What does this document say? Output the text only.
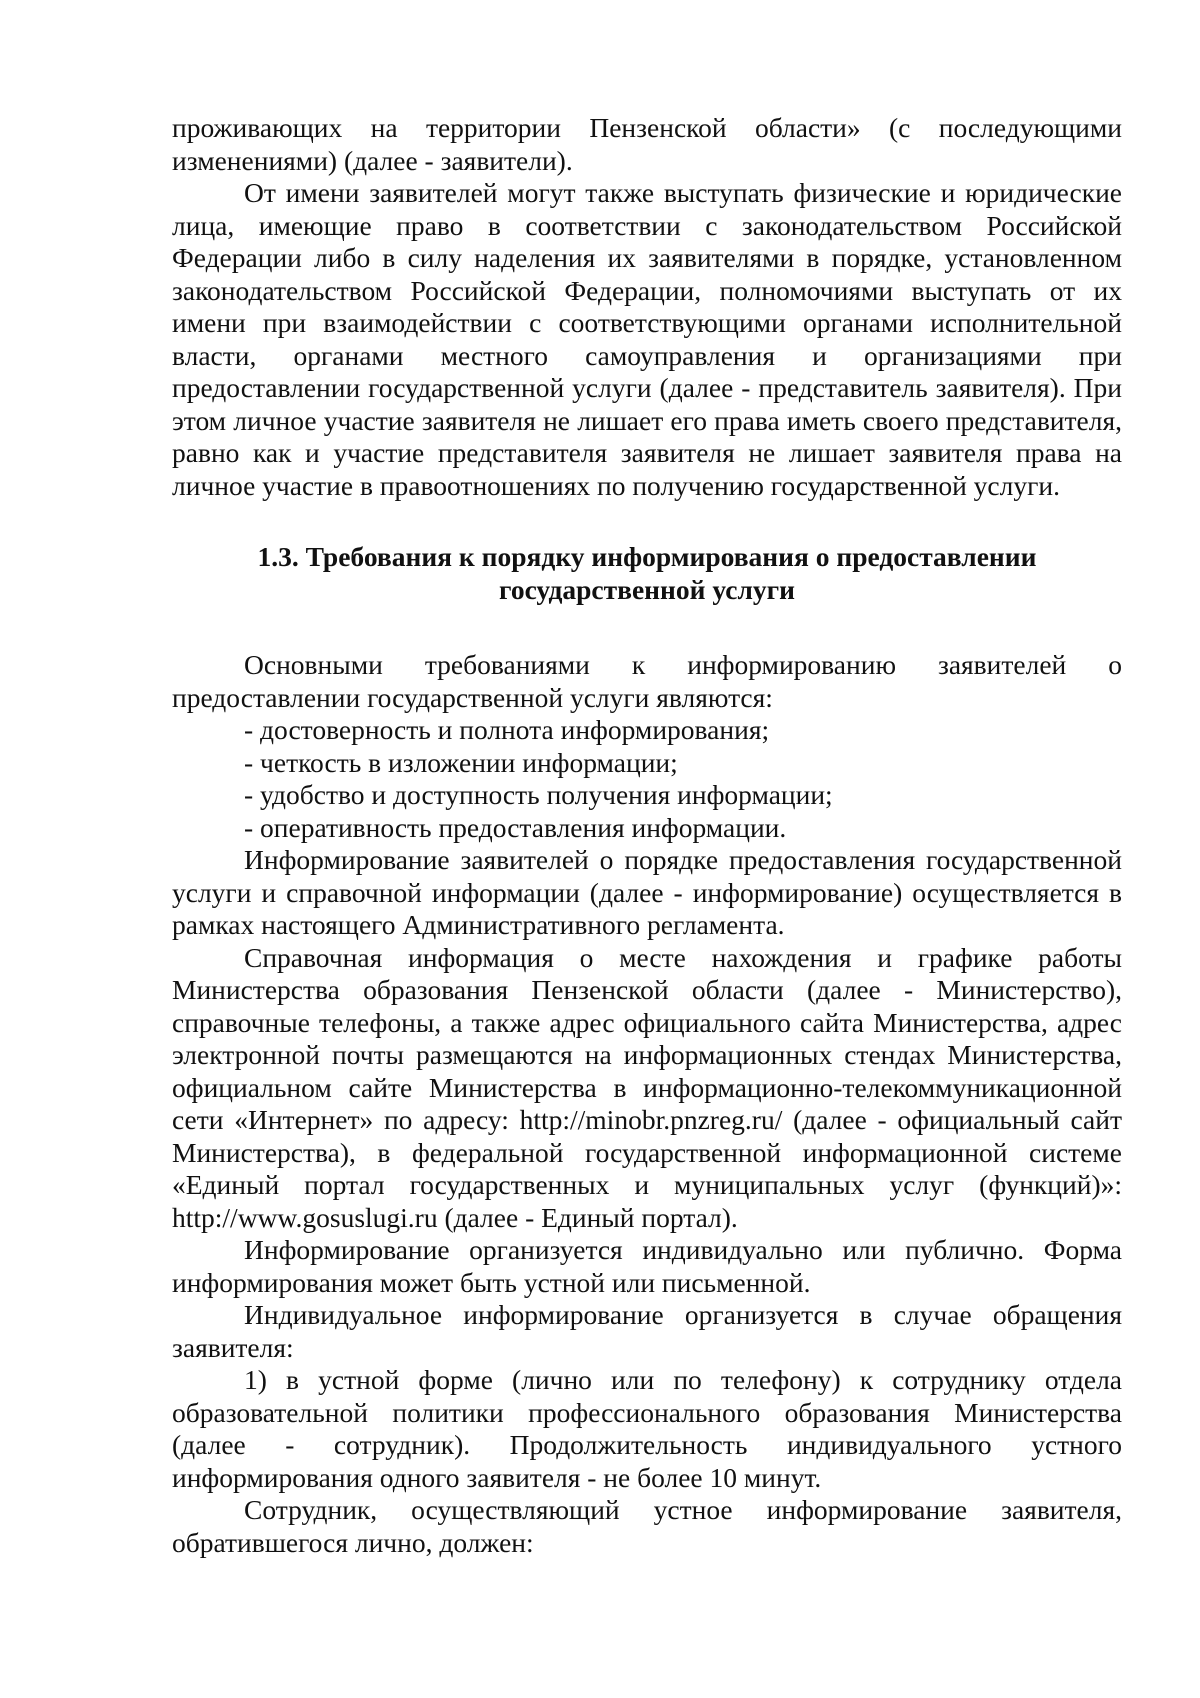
проживающих на территории Пензенской области» (с последующими изменениями) (далее - заявители).

От имени заявителей могут также выступать физические и юридические лица, имеющие право в соответствии с законодательством Российской Федерации либо в силу наделения их заявителями в порядке, установленном законодательством Российской Федерации, полномочиями выступать от их имени при взаимодействии с соответствующими органами исполнительной власти, органами местного самоуправления и организациями при предоставлении государственной услуги (далее - представитель заявителя). При этом личное участие заявителя не лишает его права иметь своего представителя, равно как и участие представителя заявителя не лишает заявителя права на личное участие в правоотношениях по получению государственной услуги.

1.3. Требования к порядку информирования о предоставлении
государственной услуги

Основными требованиями к информированию заявителей о предоставлении государственной услуги являются:

- достоверность и полнота информирования;

- четкость в изложении информации;

- удобство и доступность получения информации;

- оперативность предоставления информации.

Информирование заявителей о порядке предоставления государственной услуги и справочной информации (далее - информирование) осуществляется в рамках настоящего Административного регламента.

Справочная информация о месте нахождения и графике работы Министерства образования Пензенской области (далее - Министерство), справочные телефоны, а также адрес официального сайта Министерства, адрес электронной почты размещаются на информационных стендах Министерства, официальном сайте Министерства в информационно-телекоммуникационной сети «Интернет» по адресу: http://minobr.pnzreg.ru/ (далее - официальный сайт Министерства), в федеральной государственной информационной системе «Единый портал государственных и муниципальных услуг (функций)»: http://www.gosuslugi.ru (далее - Единый портал).

Информирование организуется индивидуально или публично. Форма информирования может быть устной или письменной.

Индивидуальное информирование организуется в случае обращения заявителя:

1) в устной форме (лично или по телефону) к сотруднику отдела образовательной политики профессионального образования Министерства (далее - сотрудник). Продолжительность индивидуального устного информирования одного заявителя - не более 10 минут.

Сотрудник, осуществляющий устное информирование заявителя, обратившегося лично, должен:
